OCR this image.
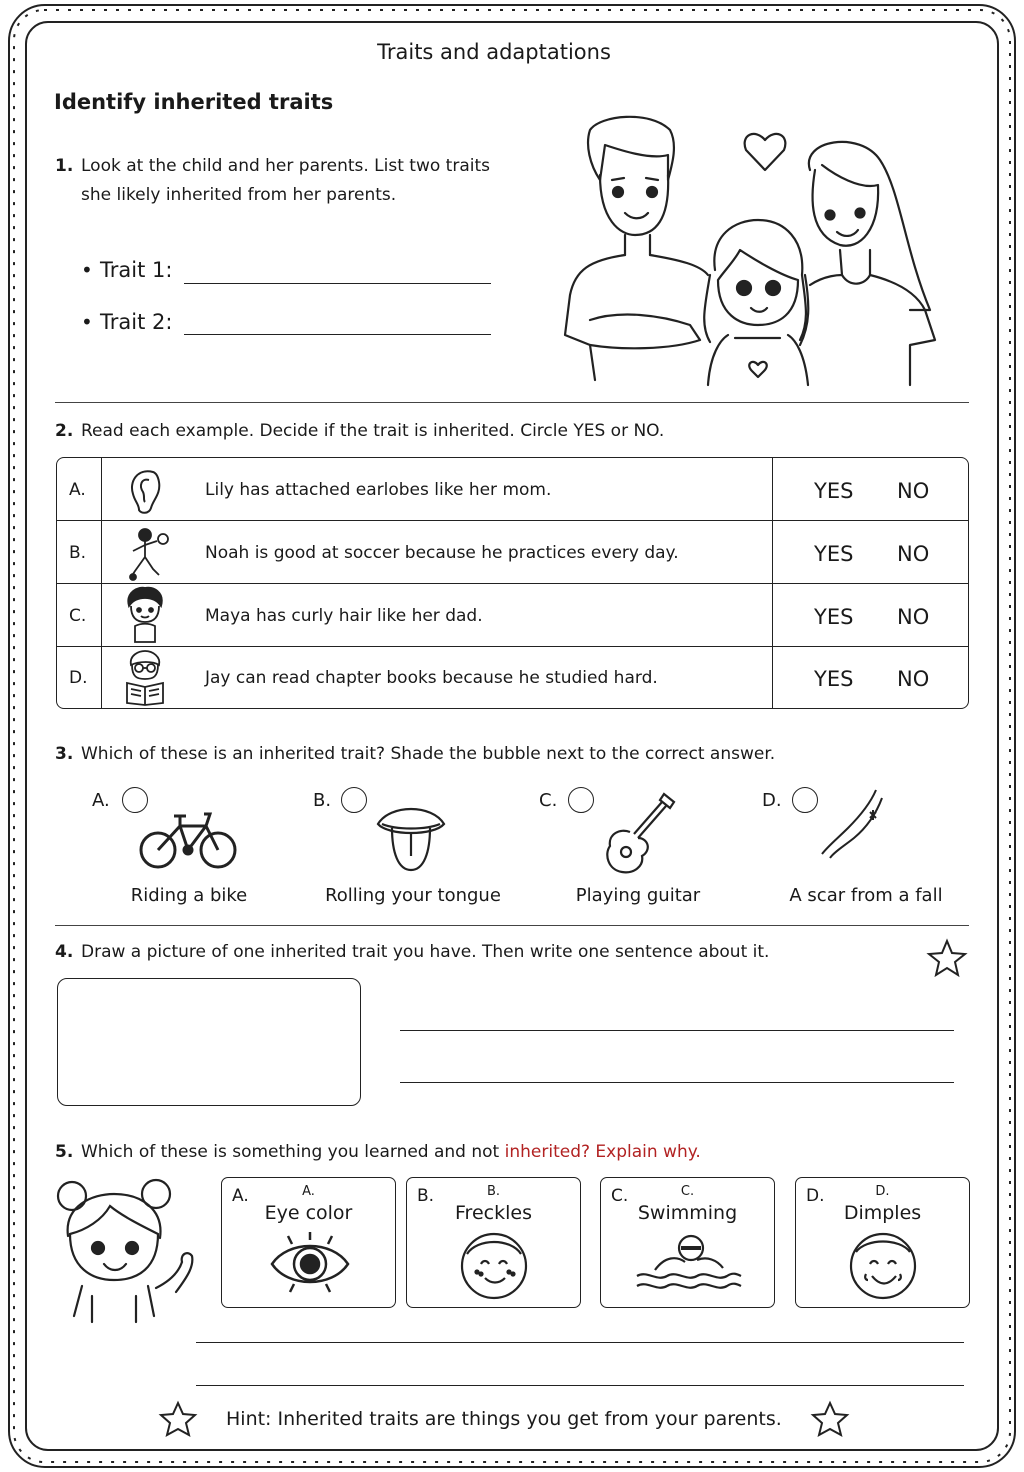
Traits and adaptations
Identify inherited traits
1. Look at the child and her parents. List two traits
she likely inherited from her parents.
• Trait 1:
• Trait 2:
2. Read each example. Decide if the trait is inherited. Circle YES or NO.
A.	Lily has attached earlobes like her mom.	YES NO
B.	Noah is good at soccer because he practices every day.	YES NO
C.	Maya has curly hair like her dad.	YES NO
D.	Jay can read chapter books because he studied hard.	YES NO
3. Which of these is an inherited trait? Shade the bubble next to the correct answer.
A.
Riding a bike
B.
Rolling your tongue
C.
Playing guitar
D.
A scar from a fall
4. Draw a picture of one inherited trait you have. Then write one sentence about it.
5. Which of these is something you learned and not inherited? Explain why.
A.	A.
Eye color
B.	B.
Freckles
C.	C.
Swimming
D.	D.
Dimples
Hint: Inherited traits are things you get from your parents.
